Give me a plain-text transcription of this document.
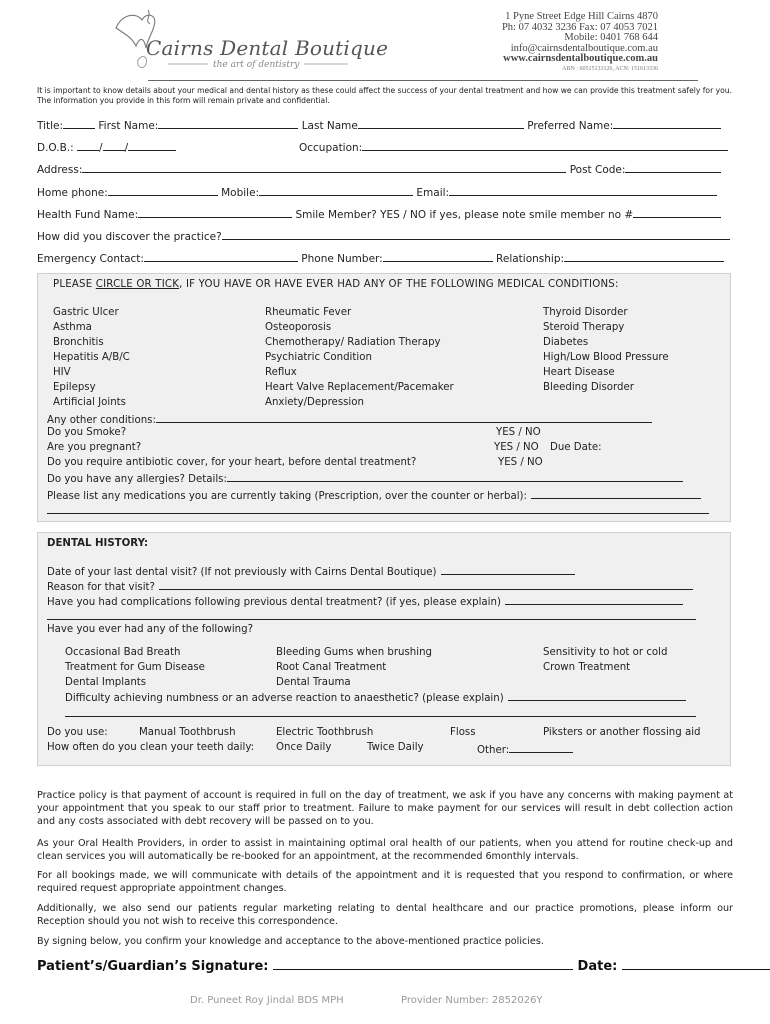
Cairns Dental Boutique
the art of dentistry
1 Pyne Street Edge Hill Cairns 4870
Ph: 07 4032 3236 Fax: 07 4053 7021
Mobile: 0401 768 644
info@cairnsdentalboutique.com.au
www.cairnsdentalboutique.com.au
ABN : 60515133126, ACN: 151613336
It is important to know details about your medical and dental history as these could affect the success of your dental treatment and how we can provide this treatment safely for you.
The information you provide in this form will remain private and confidential.
Title:	First Name:	Last Name	Preferred Name:
D.O.B.: / /	Occupation:
Address:	Post Code:
Home phone:	Mobile:	Email:
Health Fund Name:	Smile Member? YES / NO if yes, please note smile member no #
How did you discover the practice?
Emergency Contact:	Phone Number:	Relationship:
PLEASE CIRCLE OR TICK, IF YOU HAVE OR HAVE EVER HAD ANY OF THE FOLLOWING MEDICAL CONDITIONS:
Gastric Ulcer
Asthma
Bronchitis
Hepatitis A/B/C
HIV
Epilepsy
Artificial Joints
Rheumatic Fever
Osteoporosis
Chemotherapy/ Radiation Therapy
Psychiatric Condition
Reflux
Heart Valve Replacement/Pacemaker
Anxiety/Depression
Thyroid Disorder
Steroid Therapy
Diabetes
High/Low Blood Pressure
Heart Disease
Bleeding Disorder
Any other conditions:
Do you Smoke?	YES / NO
Are you pregnant?	YES / NO Due Date:
Do you require antibiotic cover, for your heart, before dental treatment?	YES / NO
Do you have any allergies? Details:
Please list any medications you are currently taking (Prescription, over the counter or herbal):
DENTAL HISTORY:
Date of your last dental visit? (If not previously with Cairns Dental Boutique)
Reason for that visit?
Have you had complications following previous dental treatment? (if yes, please explain)
Have you ever had any of the following?
Occasional Bad Breath
Treatment for Gum Disease
Dental Implants
Bleeding Gums when brushing
Root Canal Treatment
Dental Trauma
Sensitivity to hot or cold
Crown Treatment
Difficulty achieving numbness or an adverse reaction to anaesthetic? (please explain)
Do you use:	Manual Toothbrush	Electric Toothbrush	Floss	Piksters or another flossing aid
How often do you clean your teeth daily: Once Daily	Twice Daily	Other:
Practice policy is that payment of account is required in full on the day of treatment, we ask if you have any concerns with making payment at your appointment that you speak to our staff prior to treatment. Failure to make payment for our services will result in debt collection action and any costs associated with debt recovery will be passed on to you.
As your Oral Health Providers, in order to assist in maintaining optimal oral health of our patients, when you attend for routine check-up and clean services you will automatically be re-booked for an appointment, at the recommended 6monthly intervals.
For all bookings made, we will communicate with details of the appointment and it is requested that you respond to confirmation, or where required request appropriate appointment changes.
Additionally, we also send our patients regular marketing relating to dental healthcare and our practice promotions, please inform our Reception should you not wish to receive this correspondence.
By signing below, you confirm your knowledge and acceptance to the above-mentioned practice policies.
Patient’s/Guardian’s Signature:	Date:
Dr. Puneet Roy Jindal BDS MPH	Provider Number: 2852026Y
